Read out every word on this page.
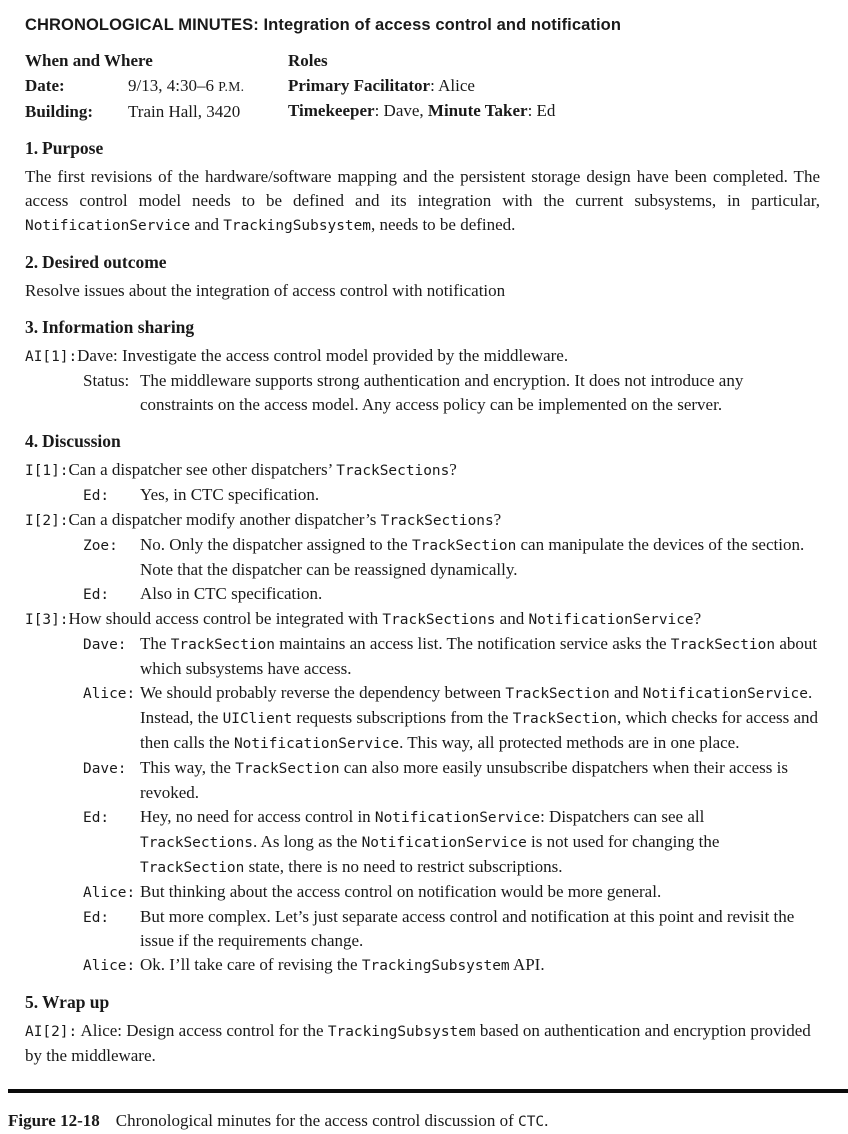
CHRONOLOGICAL MINUTES: Integration of access control and notification
When and Where
Date:	9/13, 4:30–6 P.M.
Building: Train Hall, 3420
Roles
Primary Facilitator: Alice
Timekeeper: Dave, Minute Taker: Ed
1. Purpose
The first revisions of the hardware/software mapping and the persistent storage design have been completed. The access control model needs to be defined and its integration with the current subsystems, in particular, NotificationService and TrackingSubsystem, needs to be defined.
2. Desired outcome
Resolve issues about the integration of access control with notification
3. Information sharing
AI[1]: Dave: Investigate the access control model provided by the middleware.
Status: The middleware supports strong authentication and encryption. It does not introduce any constraints on the access model. Any access policy can be implemented on the server.
4. Discussion
I[1]: Can a dispatcher see other dispatchers’ TrackSections?
Ed:	Yes, in CTC specification.
I[2]: Can a dispatcher modify another dispatcher’s TrackSections?
Zoe:	No. Only the dispatcher assigned to the TrackSection can manipulate the devices of the section. Note that the dispatcher can be reassigned dynamically.
Ed:	Also in CTC specification.
I[3]: How should access control be integrated with TrackSections and NotificationService?
Dave: The TrackSection maintains an access list. The notification service asks the TrackSection about which subsystems have access.
Alice: We should probably reverse the dependency between TrackSection and NotificationService. Instead, the UIClient requests subscriptions from the TrackSection, which checks for access and then calls the NotificationService. This way, all protected methods are in one place.
Dave: This way, the TrackSection can also more easily unsubscribe dispatchers when their access is revoked.
Ed:	Hey, no need for access control in NotificationService: Dispatchers can see all TrackSections. As long as the NotificationService is not used for changing the TrackSection state, there is no need to restrict subscriptions.
Alice: But thinking about the access control on notification would be more general.
Ed:	But more complex. Let’s just separate access control and notification at this point and revisit the issue if the requirements change.
Alice: Ok. I’ll take care of revising the TrackingSubsystem API.
5. Wrap up
AI[2]: Alice: Design access control for the TrackingSubsystem based on authentication and encryption provided by the middleware.
Figure 12-18 Chronological minutes for the access control discussion of CTC.
